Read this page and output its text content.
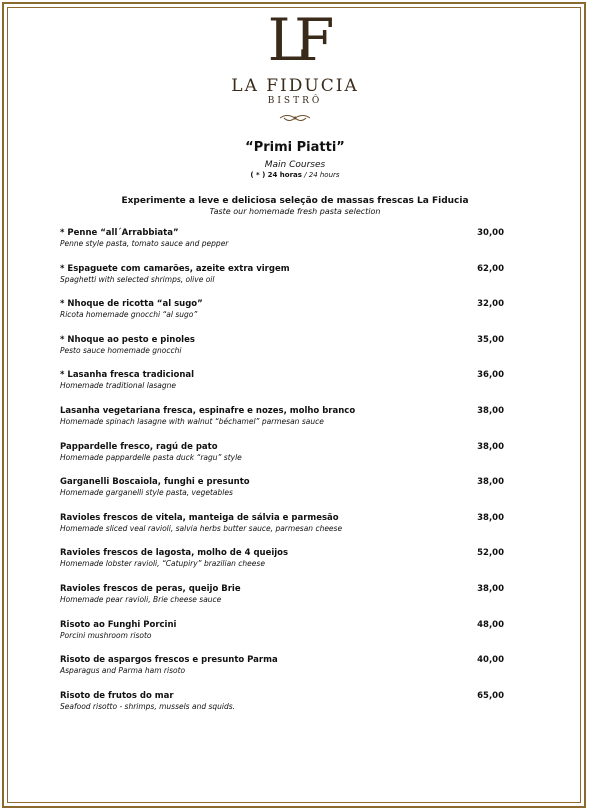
LF
LA FIDUCIA
BISTRÔ
“Primi Piatti”
Main Courses
( * ) 24 horas / 24 hours
Experimente a leve e deliciosa seleção de massas frescas La Fiducia
Taste our homemade fresh pasta selection
* Penne “all´Arrabbiata”
Penne style pasta, tomato sauce and pepper
30,00
* Espaguete com camarões, azeite extra virgem
Spaghetti with selected shrimps, olive oil
62,00
* Nhoque de ricotta “al sugo”
Ricota homemade gnocchi “al sugo”
32,00
* Nhoque ao pesto e pinoles
Pesto sauce homemade gnocchi
35,00
* Lasanha fresca tradicional
Homemade traditional lasagne
36,00
Lasanha vegetariana fresca, espinafre e nozes, molho branco
Homemade spinach lasagne with walnut “béchamel” parmesan sauce
38,00
Pappardelle fresco, ragú de pato
Homemade pappardelle pasta duck “ragu” style
38,00
Garganelli Boscaiola, funghi e presunto
Homemade garganelli style pasta, vegetables
38,00
Ravioles frescos de vitela, manteiga de sálvia e parmesão
Homemade sliced veal ravioli, salvia herbs butter sauce, parmesan cheese
38,00
Ravioles frescos de lagosta, molho de 4 queijos
Homemade lobster ravioli, “Catupiry” brazilian cheese
52,00
Ravioles frescos de peras, queijo Brie
Homemade pear ravioli, Brie cheese sauce
38,00
Risoto ao Funghi Porcini
Porcini mushroom risoto
48,00
Risoto de aspargos frescos e presunto Parma
Asparagus and Parma ham risoto
40,00
Risoto de frutos do mar
Seafood risotto - shrimps, mussels and squids.
65,00
